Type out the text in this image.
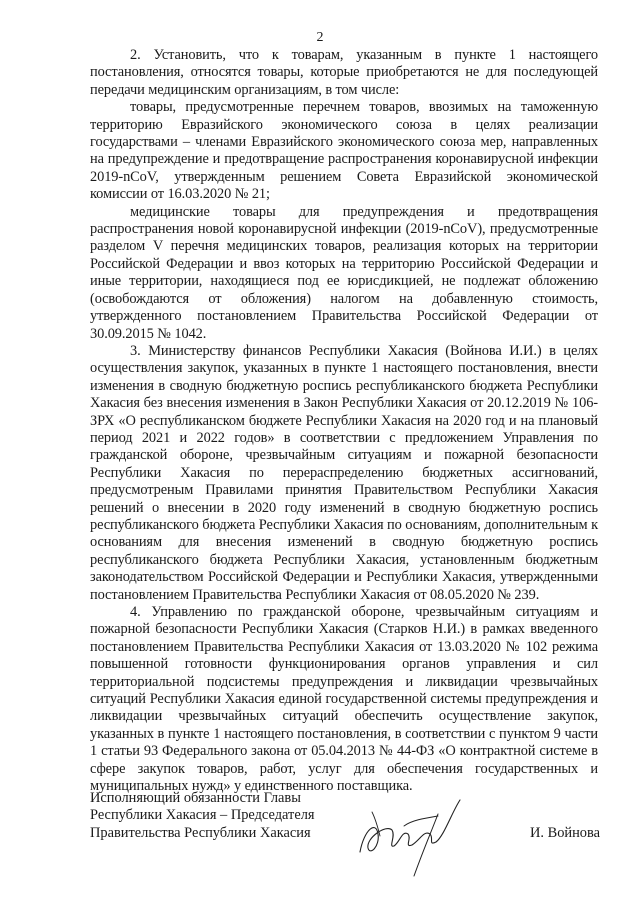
2

2. Установить, что к товарам, указанным в пункте 1 настоящего постановления, относятся товары, которые приобретаются не для последующей передачи медицинским организациям, в том числе:

товары, предусмотренные перечнем товаров, ввозимых на таможенную территорию Евразийского экономического союза в целях реализации государствами – членами Евразийского экономического союза мер, направленных на предупреждение и предотвращение распространения коронавирусной инфекции 2019-nCoV, утвержденным решением Совета Евразийской экономической комиссии от 16.03.2020 № 21;

медицинские товары для предупреждения и предотвращения распространения новой коронавирусной инфекции (2019-nCoV), предусмотренные разделом V перечня медицинских товаров, реализация которых на территории Российской Федерации и ввоз которых на территорию Российской Федерации и иные территории, находящиеся под ее юрисдикцией, не подлежат обложению (освобождаются от обложения) налогом на добавленную стоимость, утвержденного постановлением Правительства Российской Федерации от 30.09.2015 № 1042.

3. Министерству финансов Республики Хакасия (Войнова И.И.) в целях осуществления закупок, указанных в пункте 1 настоящего постановления, внести изменения в сводную бюджетную роспись республиканского бюджета Республики Хакасия без внесения изменения в Закон Республики Хакасия от 20.12.2019 № 106-ЗРХ «О республиканском бюджете Республики Хакасия на 2020 год и на плановый период 2021 и 2022 годов» в соответствии с предложением Управления по гражданской обороне, чрезвычайным ситуациям и пожарной безопасности Республики Хакасия по перераспределению бюджетных ассигнований, предусмотреным Правилами принятия Правительством Республики Хакасия решений о внесении в 2020 году изменений в сводную бюджетную роспись республиканского бюджета Республики Хакасия по основаниям, дополнительным к основаниям для внесения изменений в сводную бюджетную роспись республиканского бюджета Республики Хакасия, установленным бюджетным законодательством Российской Федерации и Республики Хакасия, утвержденными постановлением Правительства Республики Хакасия от 08.05.2020 № 239.

4. Управлению по гражданской обороне, чрезвычайным ситуациям и пожарной безопасности Республики Хакасия (Старков Н.И.) в рамках введенного постановлением Правительства Республики Хакасия от 13.03.2020 № 102 режима повышенной готовности функционирования органов управления и сил территориальной подсистемы предупреждения и ликвидации чрезвычайных ситуаций Республики Хакасия единой государственной системы предупреждения и ликвидации чрезвычайных ситуаций обеспечить осуществление закупок, указанных в пункте 1 настоящего постановления, в соответствии с пунктом 9 части 1 статьи 93 Федерального закона от 05.04.2013 № 44-ФЗ «О контрактной системе в сфере закупок товаров, работ, услуг для обеспечения государственных и муниципальных нужд» у единственного поставщика.

Исполняющий обязанности Главы
Республики Хакасия – Председателя
Правительства Республики Хакасия	И. Войнова
